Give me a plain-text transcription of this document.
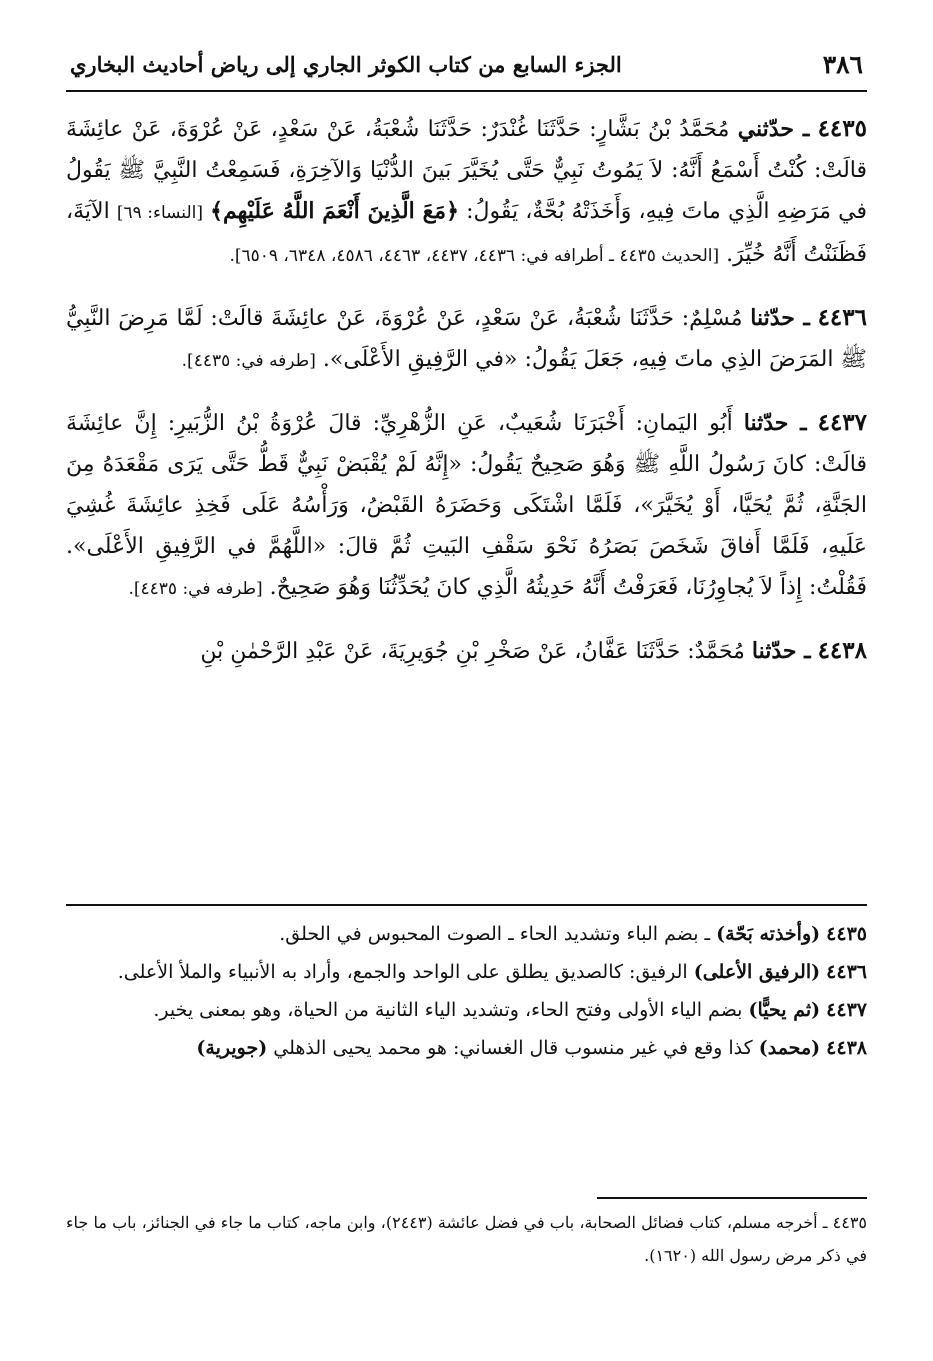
٣٨٦
الجزء السابع من كتاب الكوثر الجاري إلى رياض أحاديث البخاري

٤٤٣٥ ـ حدّثني مُحَمَّدُ بْنُ بَشَّارٍ: حَدَّثَنَا غُنْدَرٌ: حَدَّثَنَا شُعْبَةُ، عَنْ سَعْدٍ، عَنْ عُرْوَةَ، عَنْ عائِشَةَ قالَتْ: كُنْتُ أَسْمَعُ أَنَّهُ: لاَ يَمُوتُ نَبِيٌّ حَتَّى يُخَيَّرَ بَينَ الدُّنْيَا وَالآخِرَةِ، فَسَمِعْتُ النَّبِيَّ ﷺ يَقُولُ في مَرَضِهِ الَّذِي ماتَ فِيهِ، وَأَخَذَتْهُ بُحَّةٌ، يَقُولُ: ﴿مَعَ الَّذِينَ أَنْعَمَ اللَّهُ عَلَيْهِم﴾ [النساء: ٦٩] الآيَةَ، فَظَنَنْتُ أَنَّهُ خُيِّرَ. [الحديث ٤٤٣٥ ـ أطرافه في: ٤٤٣٦، ٤٤٣٧، ٤٤٦٣، ٤٥٨٦، ٦٣٤٨، ٦٥٠٩].

٤٤٣٦ ـ حدّثنا مُسْلِمٌ: حَدَّثَنَا شُعْبَةُ، عَنْ سَعْدٍ، عَنْ عُرْوَةَ، عَنْ عائِشَةَ قالَتْ: لَمَّا مَرِضَ النَّبِيُّ ﷺ المَرَضَ الذِي ماتَ فِيهِ، جَعَلَ يَقُولُ: «في الرَّفِيقِ الأَعْلَى». [طرفه في: ٤٤٣٥].

٤٤٣٧ ـ حدّثنا أَبُو اليَمانِ: أَخْبَرَنَا شُعَيبٌ، عَنِ الزُّهْرِيِّ: قالَ عُرْوَةُ بْنُ الزُّبَيرِ: إِنَّ عائِشَةَ قالَتْ: كانَ رَسُولُ اللَّهِ ﷺ وَهُوَ صَحِيحٌ يَقُولُ: «إِنَّهُ لَمْ يُقْبَضْ نَبِيٌّ قَطُّ حَتَّى يَرَى مَقْعَدَهُ مِنَ الجَنَّةِ، ثُمَّ يُحَيَّا، أَوْ يُخَيَّرَ»، فَلَمَّا اشْتَكَى وَحَضَرَهُ القَبْضُ، وَرَأْسُهُ عَلَى فَخِذِ عائِشَةَ غُشِيَ عَلَيهِ، فَلَمَّا أَفاقَ شَخَصَ بَصَرُهُ نَحْوَ سَقْفِ البَيتِ ثُمَّ قالَ: «اللَّهُمَّ في الرَّفِيقِ الأَعْلَى». فَقُلْتُ: إِذاً لاَ يُجاوِرُنَا، فَعَرَفْتُ أَنَّهُ حَدِيثُهُ الَّذِي كانَ يُحَدِّثُنَا وَهُوَ صَحِيحٌ. [طرفه في: ٤٤٣٥].

٤٤٣٨ ـ حدّثنا مُحَمَّدٌ: حَدَّثَنَا عَفَّانُ، عَنْ صَخْرِ بْنِ جُوَيرِيَةَ، عَنْ عَبْدِ الرَّحْمٰنِ بْنِ

٤٤٣٥ (وأخذته بَحّة) ـ بضم الباء وتشديد الحاء ـ الصوت المحبوس في الحلق.

٤٤٣٦ (الرفيق الأعلى) الرفيق: كالصديق يطلق على الواحد والجمع، وأراد به الأنبياء والملأ الأعلى.

٤٤٣٧ (ثم يحيًّا) بضم الياء الأولى وفتح الحاء، وتشديد الياء الثانية من الحياة، وهو بمعنى يخير.

٤٤٣٨ (محمد) كذا وقع في غير منسوب قال الغساني: هو محمد يحيى الذهلي (جويرية)

٤٤٣٥ ـ أخرجه مسلم، كتاب فضائل الصحابة، باب في فضل عائشة (٢٤٤٣)، وابن ماجه، كتاب ما جاء في الجنائز، باب ما جاء في ذكر مرض رسول الله (١٦٢٠).
